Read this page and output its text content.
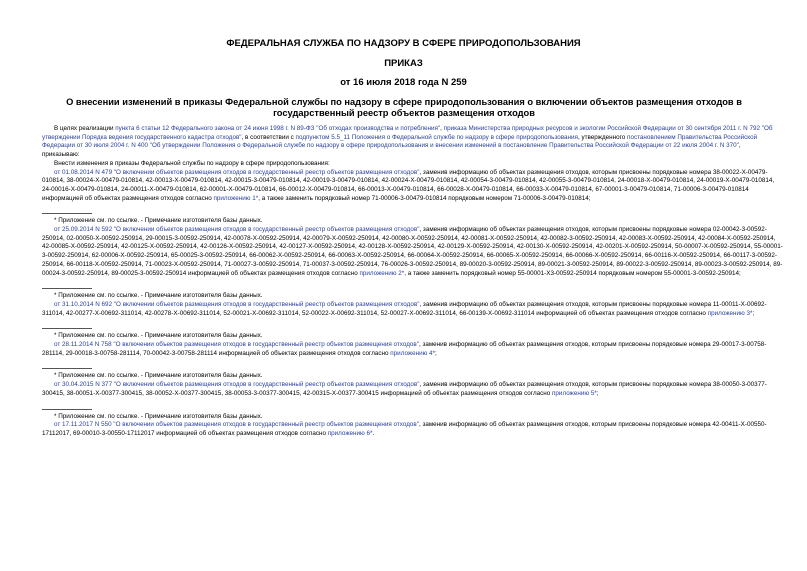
ФЕДЕРАЛЬНАЯ СЛУЖБА ПО НАДЗОРУ В СФЕРЕ ПРИРОДОПОЛЬЗОВАНИЯ
ПРИКАЗ
от 16 июля 2018 года N 259
О внесении изменений в приказы Федеральной службы по надзору в сфере природопользования о включении объектов размещения отходов в государственный реестр объектов размещения отходов

В целях реализации пункта 6 статьи 12 Федерального закона от 24 июня 1998 г. N 89-ФЗ "Об отходах производства и потребления", приказа Министерства природных ресурсов и экологии Российской Федерации от 30 сентября 2011 г. N 792 "Об утверждении Порядка ведения государственного кадастра отходов", в соответствии с подпунктом 5.5_11 Положения о Федеральной службе по надзору в сфере природопользования, утвержденного постановлением Правительства Российской Федерации от 30 июля 2004 г. N 400 "Об утверждении Положения о Федеральной службе по надзору в сфере природопользования и внесении изменений в постановление Правительства Российской Федерации от 22 июля 2004 г. N 370",

приказываю:

Внести изменения в приказы Федеральной службы по надзору в сфере природопользования:

от 01.08.2014 N 479 "О включении объектов размещения отходов в государственный реестр объектов размещения отходов", заменив информацию об объектах размещения отходов, которым присвоены порядковые номера 38-00022-Х-00479-010814, 38-00024-Х-00479-010814, 42-00013-Х-00479-010814, 42-00015-3-00479-010814, 42-00019-3-00479-010814, 42-00024-Х-00479-010814, 42-00054-3-00479-010814, 42-00055-3-00479-010814, 24-00018-Х-00479-010814, 24-00019-Х-00479-010814, 24-00016-Х-00479-010814, 24-00011-Х-00479-010814, 62-00001-Х-00479-010814, 66-00012-Х-00479-010814, 66-00013-Х-00479-010814, 66-00028-Х-00479-010814, 66-00033-Х-00479-010814, 67-00001-3-00479-010814, 71-00006-3-00479-010814 информацией об объектах размещения отходов согласно приложению 1*, а также заменить порядковый номер 71-00006-3-00479-010814 порядковым номером 71-00006-3-00479-010814;

* Приложение см. по ссылке. - Примечание изготовителя базы данных.

от 25.09.2014 N 592 "О включении объектов размещения отходов в государственный реестр объектов размещения отходов", заменив информацию об объектах размещения отходов, которым присвоены порядковые номера 02-00042-3-00592-250914, 02-00050-Х-00592-250914, 29-00015-3-00592-250914, 42-00078-Х-00592-250914, 42-00079-Х-00592-250914, 42-00080-Х-00592-250914, 42-00081-Х-00592-250914, 42-00082-3-00592-250914, 42-00083-Х-00592-250914, 42-00084-Х-00592-250914, 42-00085-Х-00592-250914, 42-00125-Х-00592-250914, 42-00126-Х-00592-250914, 42-00127-Х-00592-250914, 42-00128-Х-00592-250914, 42-00129-Х-00592-250914, 42-00130-Х-00592-250914, 42-00201-Х-00592-250914, 50-00007-Х-00592-250914, 55-00001-3-00592-250914, 62-00006-Х-00592-250914, 65-00025-3-00592-250914, 66-00062-Х-00592-250914, 66-00063-Х-00592-250914, 66-00064-Х-00592-250914, 66-00065-Х-00592-250914, 66-00066-Х-00592-250914, 66-00116-Х-00592-250914, 66-00117-3-00592-250914, 66-00118-Х-00592-250914, 71-00023-Х-00592-250914, 71-00027-3-00592-250914, 71-00037-3-00592-250914, 76-00026-3-00592-250914, 89-00020-3-00592-250914, 89-00021-3-00592-250914, 89-00022-3-00592-250914, 89-00023-3-00592-250914, 89-00024-3-00592-250914, 89-00025-3-00592-250914 информацией об объектах размещения отходов согласно приложению 2*, а также заменить порядковый номер 55-00001-Х3-00592-250914 порядковым номером 55-00001-3-00592-250914;

* Приложение см. по ссылке. - Примечание изготовителя базы данных.

от 31.10.2014 N 692 "О включении объектов размещения отходов в государственный реестр объектов размещения отходов", заменив информацию об объектах размещения отходов, которым присвоены порядковые номера 11-00011-Х-00692-311014, 42-00277-Х-00692-311014, 42-00278-Х-00692-311014, 52-00021-Х-00692-311014, 52-00022-Х-00692-311014, 52-00027-Х-00692-311014, 66-00139-Х-00692-311014 информацией об объектах размещения отходов согласно приложению 3*;

* Приложение см. по ссылке. - Примечание изготовителя базы данных.

от 28.11.2014 N 758 "О включении объектов размещения отходов в государственный реестр объектов размещения отходов", заменив информацию об объектах размещения отходов, которым присвоены порядковые номера 29-00017-3-00758-281114, 29-00018-3-00758-281114, 70-00042-3-00758-281114 информацией об объектах размещения отходов согласно приложению 4*;

* Приложение см. по ссылке. - Примечание изготовителя базы данных.

от 30.04.2015 N 377 "О включении объектов размещения отходов в государственный реестр объектов размещения отходов", заменив информацию об объектах размещения отходов, которым присвоены порядковые номера 38-00050-3-00377-300415, 38-00051-Х-00377-300415, 38-00052-Х-00377-300415, 38-00053-3-00377-300415, 42-00315-Х-00377-300415 информацией об объектах размещения отходов согласно приложению 5*;

* Приложение см. по ссылке. - Примечание изготовителя базы данных.

от 17.11.2017 N 550 "О включении объектов размещения отходов в государственный реестр объектов размещения отходов", заменив информацию об объектах размещения отходов, которым присвоены порядковые номера 42-00411-Х-00550-17112017, 69-00010-3-00550-17112017 информацией об объектах размещения отходов согласно приложению 6*.
